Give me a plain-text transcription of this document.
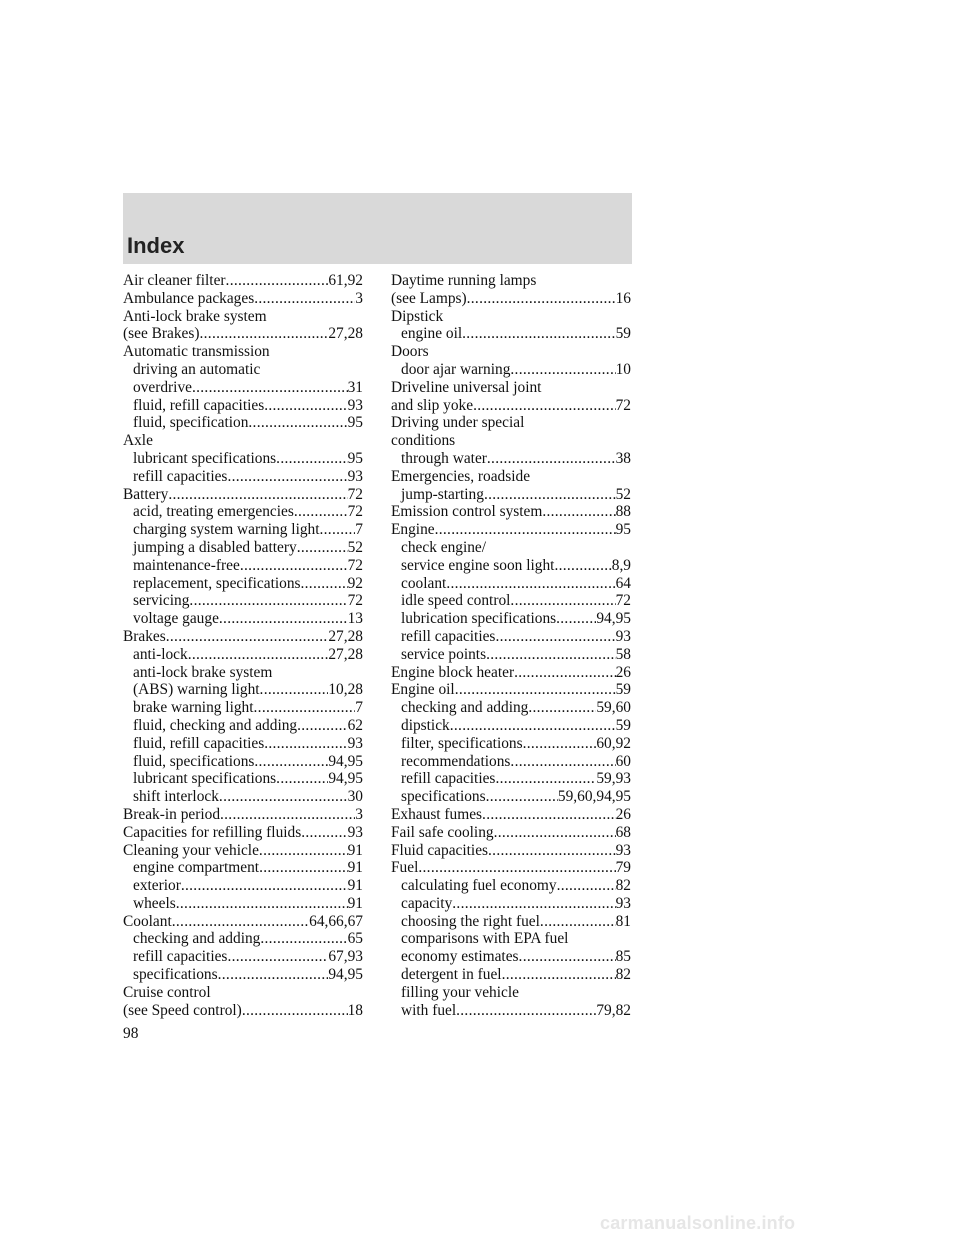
Index
Air cleaner filter .....	61,92
Ambulance packages .....	3
Anti-lock brake system
(see Brakes) .....	27,28
Automatic transmission
driving an automatic
overdrive .....	31
fluid, refill capacities .....	93
fluid, specification .....	95
Axle
lubricant specifications .....	95
refill capacities .....	93
Battery .....	72
acid, treating emergencies .....	72
charging system warning light ..... 7
jumping a disabled battery .....	52
maintenance-free .....	72
replacement, specifications .....	92
servicing .....	72
voltage gauge .....	13
Brakes .....	27,28
anti-lock .....	27,28
anti-lock brake system
(ABS) warning light .....	10,28
brake warning light .....	7
fluid, checking and adding .....	62
fluid, refill capacities .....	93
fluid, specifications .....	94,95
lubricant specifications .....	94,95
shift interlock .....	30
Break-in period .....	3
Capacities for refilling fluids .....	93
Cleaning your vehicle .....	91
engine compartment .....	91
exterior .....	91
wheels .....	91
Coolant .....	64,66,67
checking and adding .....	65
refill capacities .....	67,93
specifications .....	94,95
Cruise control
(see Speed control) .....	18
Daytime running lamps
(see Lamps) .....	16
Dipstick
engine oil .....	59
Doors
door ajar warning .....	10
Driveline universal joint
and slip yoke .....	72
Driving under special
conditions
through water .....	38
Emergencies, roadside
jump-starting .....	52
Emission control system .....	88
Engine .....	95
check engine/
service engine soon light .....	8,9
coolant .....	64
idle speed control .....	72
lubrication specifications .....	94,95
refill capacities .....	93
service points .....	58
Engine block heater .....	26
Engine oil .....	59
checking and adding .....	59,60
dipstick .....	59
filter, specifications .....	60,92
recommendations .....	60
refill capacities .....	59,93
specifications .....	59,60,94,95
Exhaust fumes .....	26
Fail safe cooling .....	68
Fluid capacities .....	93
Fuel .....	79
calculating fuel economy .....	82
capacity .....	93
choosing the right fuel .....	81
comparisons with EPA fuel
economy estimates .....	85
detergent in fuel .....	82
filling your vehicle
with fuel .....	79,82
98
carmanualsonline.info
